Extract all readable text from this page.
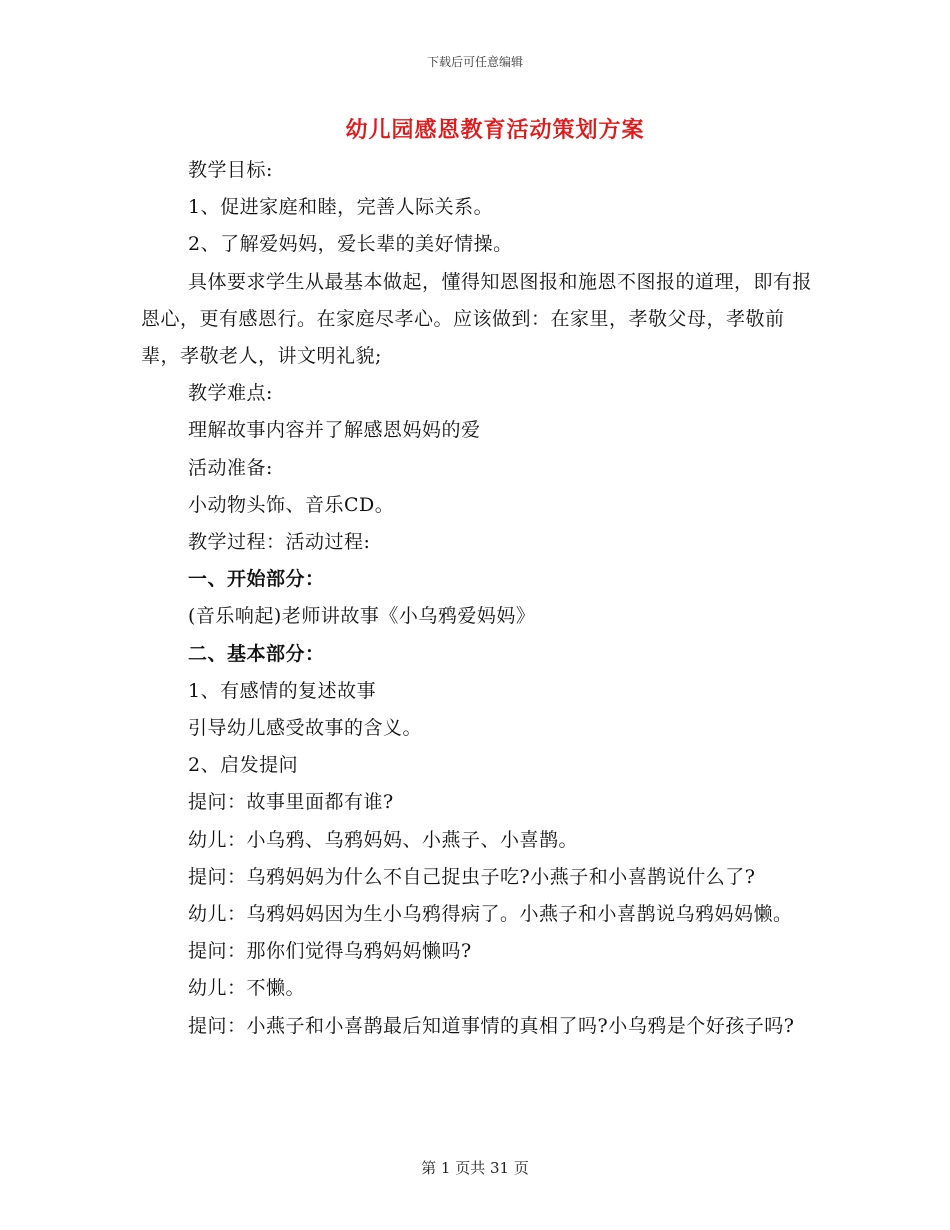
下载后可任意编辑
幼儿园感恩教育活动策划方案

教学目标:

1、促进家庭和睦，完善人际关系。

2、了解爱妈妈，爱长辈的美好情操。

具体要求学生从最基本做起，懂得知恩图报和施恩不图报的道理，即有报恩心，更有感恩行。在家庭尽孝心。应该做到：在家里，孝敬父母，孝敬前辈，孝敬老人，讲文明礼貌;

教学难点:

理解故事内容并了解感恩妈妈的爱

活动准备:

小动物头饰、音乐CD。

教学过程：活动过程:

一、开始部分：

(音乐响起)老师讲故事《小乌鸦爱妈妈》

二、基本部分：

1、有感情的复述故事

引导幼儿感受故事的含义。

2、启发提问

提问：故事里面都有谁?

幼儿：小乌鸦、乌鸦妈妈、小燕子、小喜鹊。

提问：乌鸦妈妈为什么不自己捉虫子吃?小燕子和小喜鹊说什么了?

幼儿：乌鸦妈妈因为生小乌鸦得病了。小燕子和小喜鹊说乌鸦妈妈懒。

提问：那你们觉得乌鸦妈妈懒吗?

幼儿：不懒。

提问：小燕子和小喜鹊最后知道事情的真相了吗?小乌鸦是个好孩子吗?

第 1 页共 31 页
